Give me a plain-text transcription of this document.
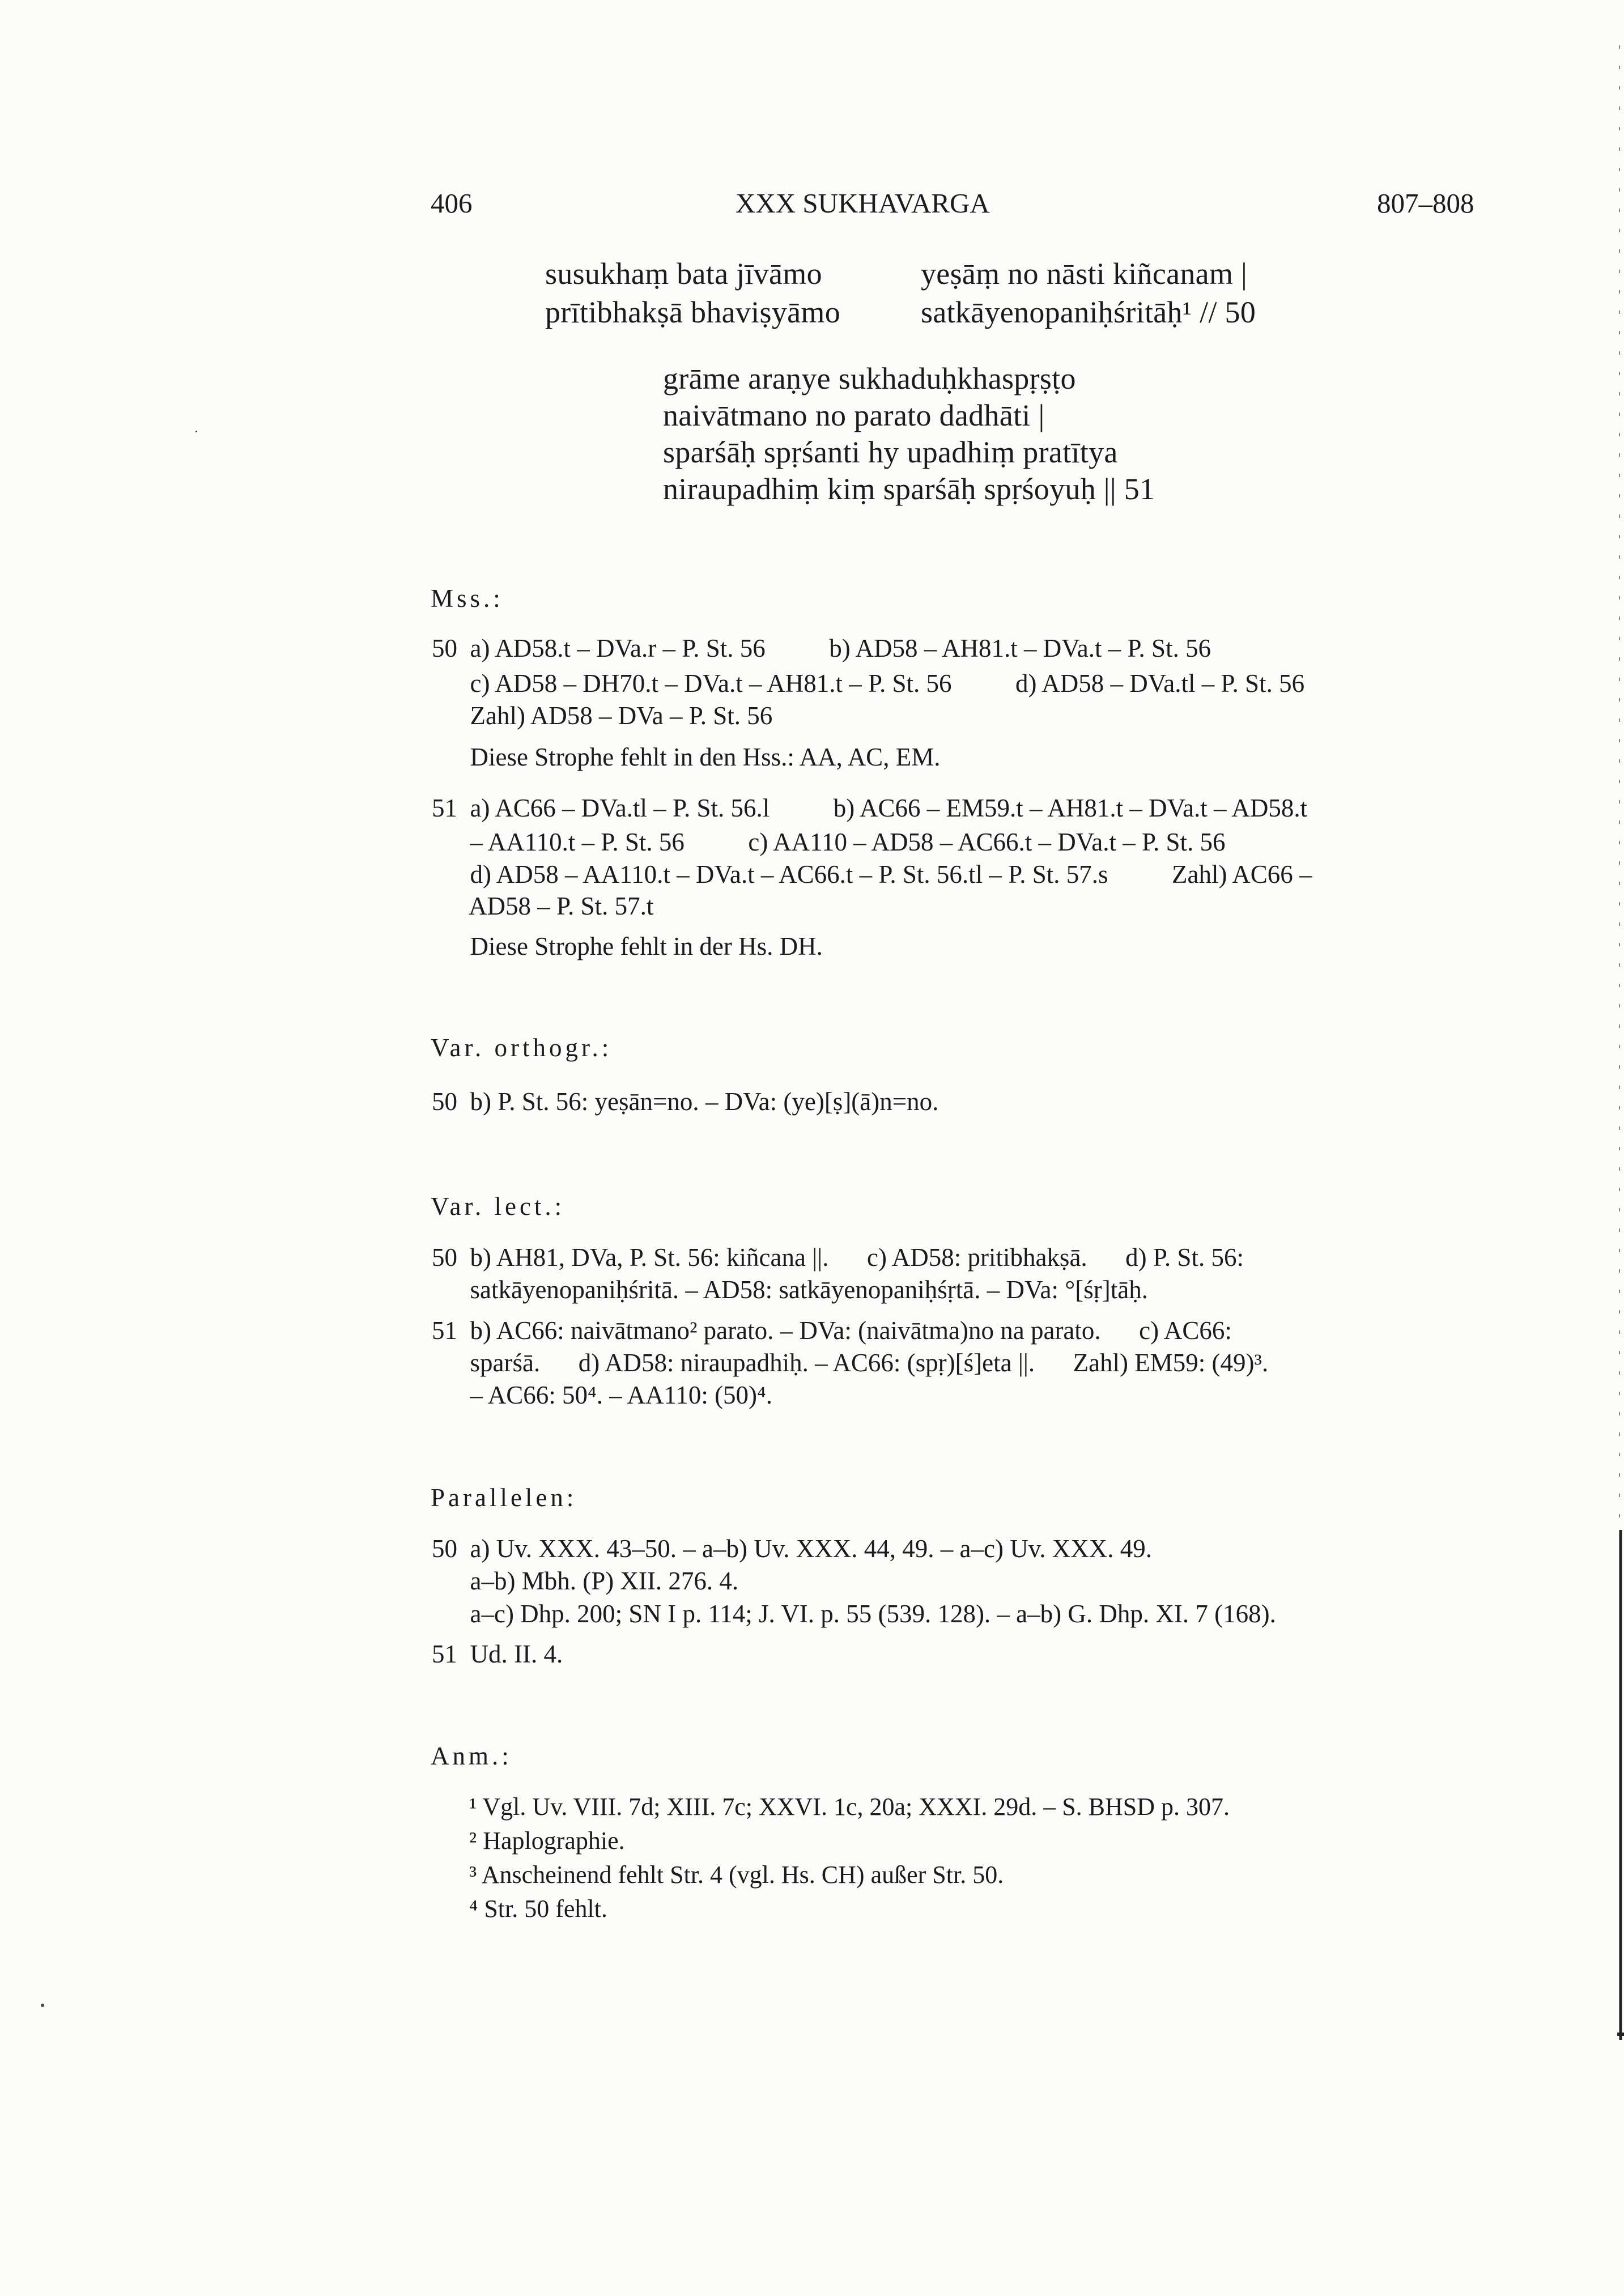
406	XXX SUKHAVARGA	807–808
susukhaṃ bata jīvāmo	yeṣāṃ no nāsti kiñcanam |
prītibhakṣā bhaviṣyāmo	satkāyenopaniḥśritāḥ¹ // 50
grāme araṇye sukhaduḥkhaspṛṣṭo
naivātmano no parato dadhāti |
sparśāḥ spṛśanti hy upadhiṃ pratītya
niraupadhiṃ kiṃ sparśāḥ spṛśoyuḥ || 51
Mss.:
50  a) AD58.t – DVa.r – P. St. 56          b) AD58 – AH81.t – DVa.t – P. St. 56
c) AD58 – DH70.t – DVa.t – AH81.t – P. St. 56          d) AD58 – DVa.tl – P. St. 56
Zahl) AD58 – DVa – P. St. 56
Diese Strophe fehlt in den Hss.: AA, AC, EM.
51  a) AC66 – DVa.tl – P. St. 56.l          b) AC66 – EM59.t – AH81.t – DVa.t – AD58.t
– AA110.t – P. St. 56          c) AA110 – AD58 – AC66.t – DVa.t – P. St. 56
d) AD58 – AA110.t – DVa.t – AC66.t – P. St. 56.tl – P. St. 57.s          Zahl) AC66 –
AD58 – P. St. 57.t
Diese Strophe fehlt in der Hs. DH.
Var. orthogr.:
50  b) P. St. 56: yeṣān=no. – DVa: (ye)[ṣ](ā)n=no.
Var. lect.:
50  b) AH81, DVa, P. St. 56: kiñcana ||.      c) AD58: pritibhakṣā.      d) P. St. 56:
satkāyenopaniḥśritā. – AD58: satkāyenopaniḥśṛtā. – DVa: °[śṛ]tāḥ.
51  b) AC66: naivātmano² parato. – DVa: (naivātma)no na parato.      c) AC66:
sparśā.      d) AD58: niraupadhiḥ. – AC66: (spṛ)[ś]eta ||.      Zahl) EM59: (49)³.
– AC66: 50⁴. – AA110: (50)⁴.
Parallelen:
50  a) Uv. XXX. 43–50. – a–b) Uv. XXX. 44, 49. – a–c) Uv. XXX. 49.
a–b) Mbh. (P) XII. 276. 4.
a–c) Dhp. 200; SN I p. 114; J. VI. p. 55 (539. 128). – a–b) G. Dhp. XI. 7 (168).
51  Ud. II. 4.
Anm.:
¹ Vgl. Uv. VIII. 7d; XIII. 7c; XXVI. 1c, 20a; XXXI. 29d. – S. BHSD p. 307.
² Haplographie.
³ Anscheinend fehlt Str. 4 (vgl. Hs. CH) außer Str. 50.
⁴ Str. 50 fehlt.
